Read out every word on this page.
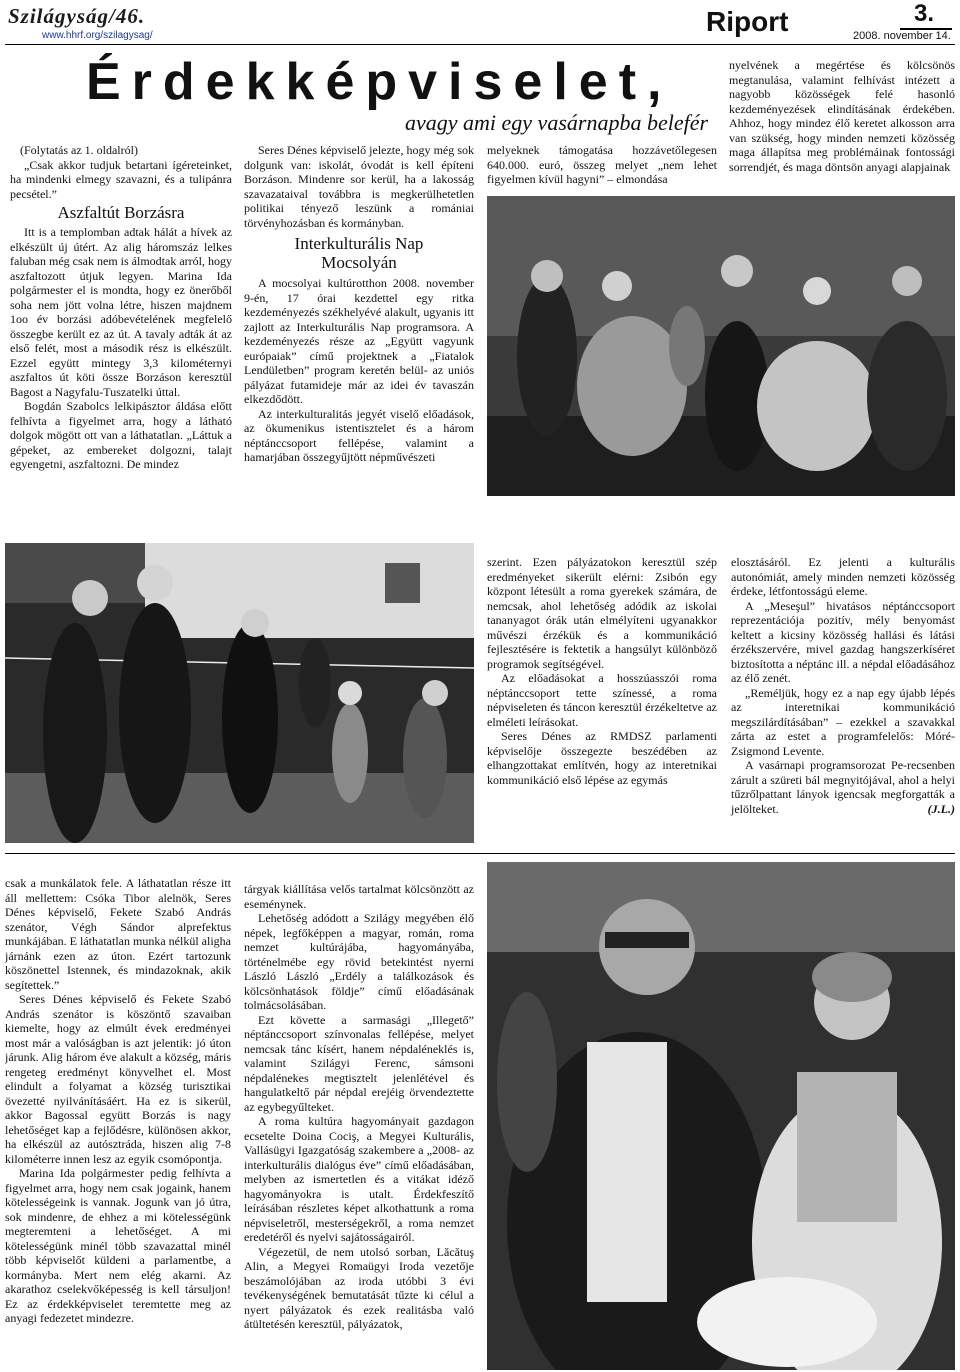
Szilágyság/46.
www.hhrf.org/szilagysag/	Riport	3.
2008. november 14.
Érdekképviselet,
avagy ami egy vasárnapba belefér

(Folytatás az 1. oldalról)

„Csak akkor tudjuk betartani ígéreteinket, ha mindenki elmegy szavazni, és a tulipánra pecsétel.”

Aszfaltút Borzásra

Itt is a templomban adtak hálát a hívek az elkészült új útért. Az alig háromszáz lelkes faluban még csak nem is álmodtak arról, hogy aszfaltozott útjuk legyen. Marina Ida polgármester el is mondta, hogy ez önerőből soha nem jött volna létre, hiszen majdnem 1oo év borzási adóbevételének megfelelő összegbe került ez az út. A tavaly adták át az első felét, most a második rész is elkészült. Ezzel együtt mintegy 3,3 kilométernyi aszfaltos út köti össze Borzáson keresztül Bagost a Nagyfalu-Tuszatelki úttal.

Bogdán Szabolcs lelkipásztor áldása előtt felhívta a figyelmet arra, hogy a látható dolgok mögött ott van a láthatatlan. „Láttuk a gépeket, az embereket dolgozni, talajt egyengetni, aszfaltozni. De mindez

Seres Dénes képviselő jelezte, hogy még sok dolgunk van: iskolát, óvodát is kell építeni Borzáson. Mindenre sor kerül, ha a lakosság szavazataival továbbra is megkerülhetetlen politikai tényező leszünk a romániai törvényhozásban és kormányban.

Interkulturális Nap Mocsolyán

A mocsolyai kultúrotthon 2008. november 9-én, 17 órai kezdettel egy ritka kezdeményezés székhelyévé alakult, ugyanis itt zajlott az Interkulturális Nap programsora. A kezdeményezés része az „Együtt vagyunk európaiak” című projektnek a „Fiatalok Lendületben” program keretén belül- az uniós pályázat futamideje már az idei év tavaszán elkezdődött.

Az interkulturalitás jegyét viselő előadások, az ökumenikus istentisztelet és a három néptánccsoport fellépése, valamint a hamarjában összegyűjtött népművészeti

melyeknek támogatása hozzávetőlegesen 640.000. euró, összeg melyet „nem lehet figyelmen kívül hagyni” – elmondása

nyelvének a megértése és kölcsönös megtanulása, valamint felhívást intézett a nagyobb közösségek felé hasonló kezdeményezések elindításának érdekében. Ahhoz, hogy mindez élő keretet alkosson arra van szükség, hogy minden nemzeti közösség maga állapítsa meg problémáinak fontossági sorrendjét, és maga döntsön anyagi alapjainak

szerint. Ezen pályázatokon keresztül szép eredményeket sikerült elérni: Zsibón egy központ létesült a roma gyerekek számára, de nemcsak, ahol lehetőség adódik az iskolai tananyagot órák után elmélyíteni ugyanakkor művészi érzékük és a kommunikáció fejlesztésére is fektetik a hangsúlyt különböző programok segítségével.

Az előadásokat a hosszúasszói roma néptánccsoport tette színessé, a roma népviseleten és táncon keresztül érzékeltetve az elméleti leírásokat.

Seres Dénes az RMDSZ parlamenti képviselője összegezte beszédében az elhangzottakat említvén, hogy az interetnikai kommunikáció első lépése az egymás

elosztásáról. Ez jelenti a kulturális autonómiát, amely minden nemzeti közösség érdeke, létfontosságú eleme.

A „Meseşul” hivatásos néptánccsoport reprezentációja pozitív, mély benyomást keltett a kicsiny közösség hallási és látási érzékszervére, mivel gazdag hangszerkíséret biztosította a néptánc ill. a népdal előadásához az élő zenét.

„Reméljük, hogy ez a nap egy újabb lépés az interetnikai kommunikáció megszilárdításában” – ezekkel a szavakkal zárta az estet a programfelelős: Móré-Zsigmond Levente.

A vasárnapi programsorozat Pe-recsenben zárult a szüreti bál megnyitójával, ahol a helyi tűzrőlpattant lányok igencsak megforgatták a jelölteket.	(J.L.)

csak a munkálatok fele. A láthatatlan része itt áll mellettem: Csóka Tibor alelnök, Seres Dénes képviselő, Fekete Szabó András szenátor, Végh Sándor alprefektus munkájában. E láthatatlan munka nélkül aligha járnánk ezen az úton. Ezért tartozunk köszönettel Istennek, és mindazoknak, akik segítettek.”

Seres Dénes képviselő és Fekete Szabó András szenátor is köszöntő szavaiban kiemelte, hogy az elmúlt évek eredményei most már a valóságban is azt jelentik: jó úton járunk. Alig három éve alakult a község, máris rengeteg eredményt könyvelhet el. Most elindult a folyamat a község turisztikai övezetté nyilvánításáért. Ha ez is sikerül, akkor Bagossal együtt Borzás is nagy lehetőséget kap a fejlődésre, különösen akkor, ha elkészül az autósztráda, hiszen alig 7-8 kilométerre innen lesz az egyik csomópontja.

Marina Ida polgármester pedig felhívta a figyelmet arra, hogy nem csak jogaink, hanem kötelességeink is vannak. Jogunk van jó útra, sok mindenre, de ehhez a mi kötelességünk megteremteni a lehetőséget. A mi kötelességünk minél több szavazattal minél több képviselőt küldeni a parlamentbe, a kormányba. Mert nem elég akarni. Az akarathoz cselekvőképesség is kell társuljon! Ez az érdekképviselet teremtette meg az anyagi fedezetet mindezre.

tárgyak kiállítása velős tartalmat kölcsönzött az eseménynek.

Lehetőség adódott a Szilágy megyében élő népek, legfőképpen a magyar, román, roma nemzet kultúrájába, hagyományába, történelmébe egy rövid betekintést nyerni László László „Erdély a találkozások és kölcsönhatások földje” című előadásának tolmácsolásában.

Ezt követte a sarmasági „Illegető” néptánccsoport színvonalas fellépése, melyet nemcsak tánc kísért, hanem népdaléneklés is, valamint Szilágyi Ferenc, sámsoni népdalénekes megtisztelt jelenlétével és hangulatkeltő pár népdal erejéig örvendeztette az egybegyűlteket.

A roma kultúra hagyományait gazdagon ecsetelte Doina Cociş, a Megyei Kulturális, Vallásügyi Igazgatóság szakembere a „2008- az interkulturális dialógus éve” című előadásában, melyben az ismertetlen és a vitákat idéző hagyományokra is utalt. Érdekfeszítő leírásában részletes képet alkothattunk a roma népviseletről, mesterségekről, a roma nemzet eredetéről és nyelvi sajátosságairól.

Végezetül, de nem utolsó sorban, Lăcătuş Alin, a Megyei Romaügyi Iroda vezetője beszámolójában az iroda utóbbi 3 évi tevékenységének bemutatását tűzte ki célul a nyert pályázatok és ezek realitásba való átültetésén keresztül, pályázatok,
